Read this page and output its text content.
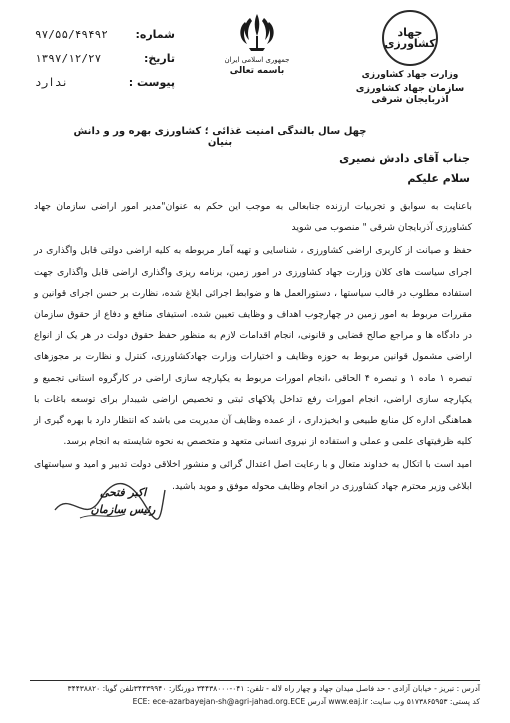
شماره:
۹۷/۵۵/۴۹۴۹۲
تاریخ:
۱۳۹۷/۱۲/۲۷
پیوست :
ندارد
جمهوری اسلامی ایران
باسمه تعالی
جهاد کشاورزی
وزارت جهاد کشاورزی
سازمان جهاد کشاورزی آذربایجان شرقی
چهل سال بالندگی امنیت غذائی ؛ کشاورزی بهره ور و دانش بنیان
جناب آقای دادش نصیری
سلام علیکم

باعنایت به سوابق و تجربیات ارزنده جنابعالی به موجب این حکم به عنوان"مدیر امور اراضی سازمان جهاد کشاورزی آذربایجان شرقی " منصوب می شوید

حفظ و صیانت از کاربری اراضی کشاورزی ، شناسایی و تهیه آمار مربوطه به کلیه اراضی دولتی قابل واگذاری در اجرای سیاست های کلان وزارت جهاد کشاورزی در امور زمین، برنامه ریزی واگذاری اراضی قابل واگذاری جهت استفاده مطلوب در قالب سیاستها ، دستورالعمل ها و ضوابط اجرائی ابلاغ شده، نظارت بر حسن اجرای قوانین و مقررات مربوط به امور زمین در چهارچوب اهداف و وظایف تعیین شده. استیفای منافع و دفاع از حقوق سازمان در دادگاه ها و مراجع صالح قضایی و قانونی، انجام اقدامات لازم به منظور حفظ حقوق دولت در هر یک از انواع اراضی مشمول قوانین مربوط به حوزه وظایف و اختیارات وزارت جهادکشاورزی، کنترل و نظارت بر مجوزهای تبصره ۱ ماده ۱ و تبصره ۴ الحاقی ،انجام امورات مربوط به یکپارچه سازی اراضی در کارگروه استانی تجمیع و یکپارچه سازی اراضی، انجام امورات رفع تداخل پلاکهای ثبتی و تخصیص اراضی شیبدار برای توسعه باغات با هماهنگی اداره کل منابع طبیعی و ابخیزداری ، از عمده وظایف آن مدیریت می باشد که انتظار دارد با بهره گیری از کلیه ظرفیتهای علمی و عملی و استفاده از نیروی انسانی متعهد و متخصص به نحوه شایسته به انجام برسد.

امید است با اتکال به خداوند متعال و با رعایت اصل اعتدال گرائی و منشور اخلاقی دولت تدبیر و امید و سیاستهای ابلاغی وزیر محترم جهاد کشاورزی در انجام وظایف محوله موفق و موید باشید.

اکبر فتحی
رئیس سازمان
آدرس : تبریز - خیابان آزادی - حد فاصل میدان جهاد و چهار راه لاله - تلفن: ۰۴۱-۳۴۴۳۸۰۰۰ دورنگار: ۳۴۴۳۹۹۴۰تلفن گویا: ۳۴۴۳۸۸۲۰
کد پستی: ۵۱۷۳۸۶۵۹۵۳ وب سایت: www.eaj.ir آدرس ECE: ece-azarbayejan-sh@agri-jahad.org.ECE
